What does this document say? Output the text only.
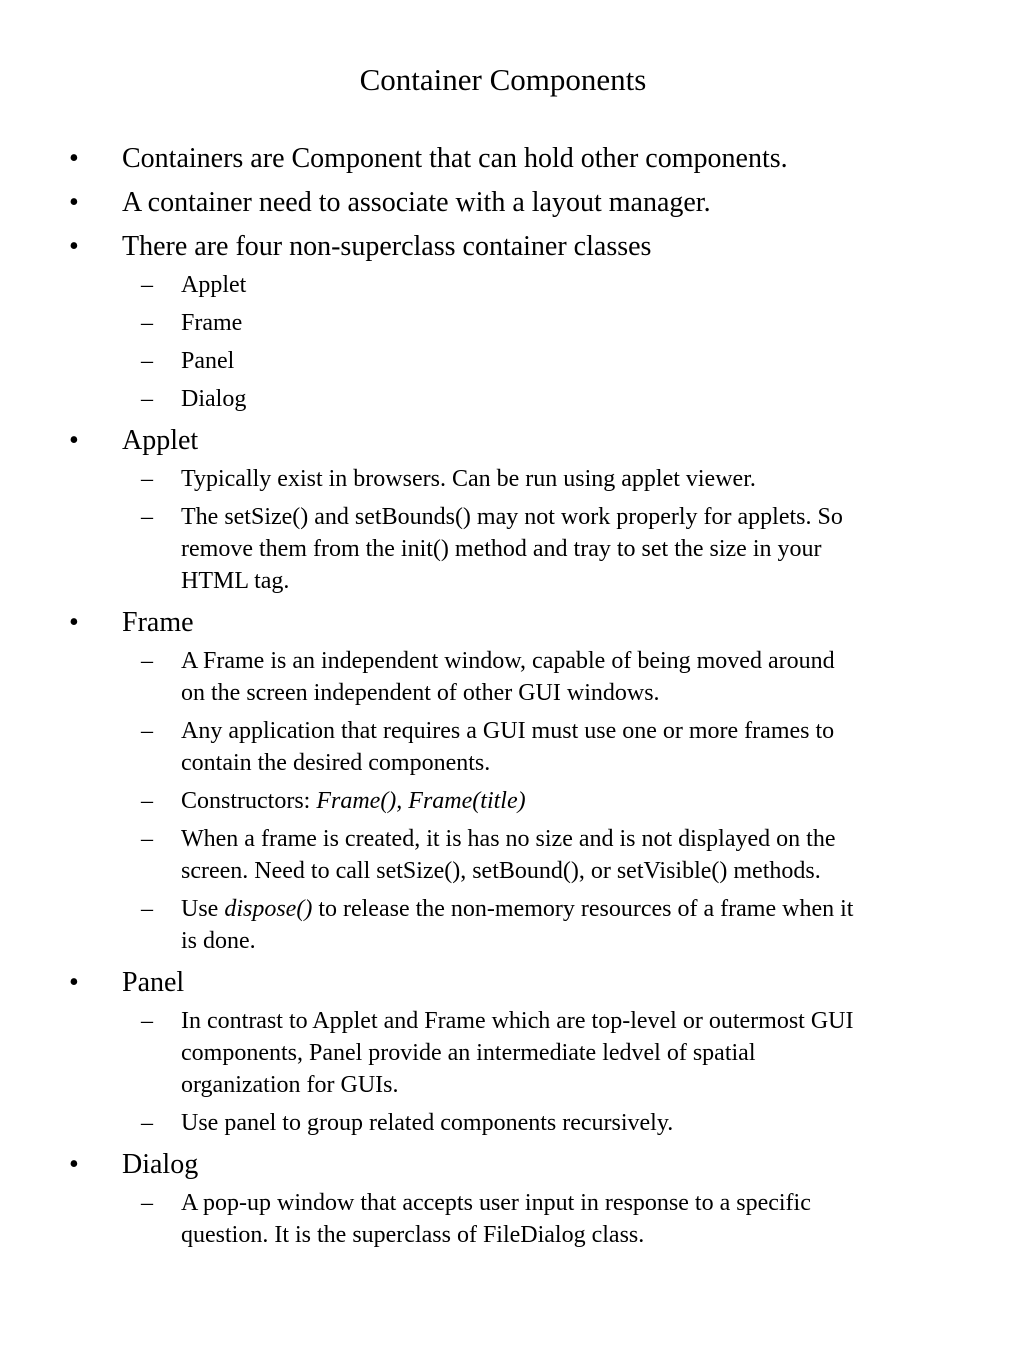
Container Components
•	Containers are Component that can hold other components.
•	A container need to associate with a layout manager.
•	There are four non-superclass container classes
– Applet
– Frame
– Panel
– Dialog
•	Applet
– Typically exist in browsers. Can be run using applet viewer.
– The setSize() and setBounds() may not work properly for applets. So
remove them from the init() method and tray to set the size in your
HTML tag.
•	Frame
– A Frame is an independent window, capable of being moved around
on the screen independent of other GUI windows.
– Any application that requires a GUI must use one or more frames to
contain the desired components.
– Constructors: Frame(), Frame(title)
– When a frame is created, it is has no size and is not displayed on the
screen. Need to call setSize(), setBound(), or setVisible() methods.
– Use dispose() to release the non-memory resources of a frame when it
is done.
•	Panel
– In contrast to Applet and Frame which are top-level or outermost GUI
components, Panel provide an intermediate ledvel of spatial
organization for GUIs.
– Use panel to group related components recursively.
•	Dialog
– A pop-up window that accepts user input in response to a specific
question. It is the superclass of FileDialog class.
